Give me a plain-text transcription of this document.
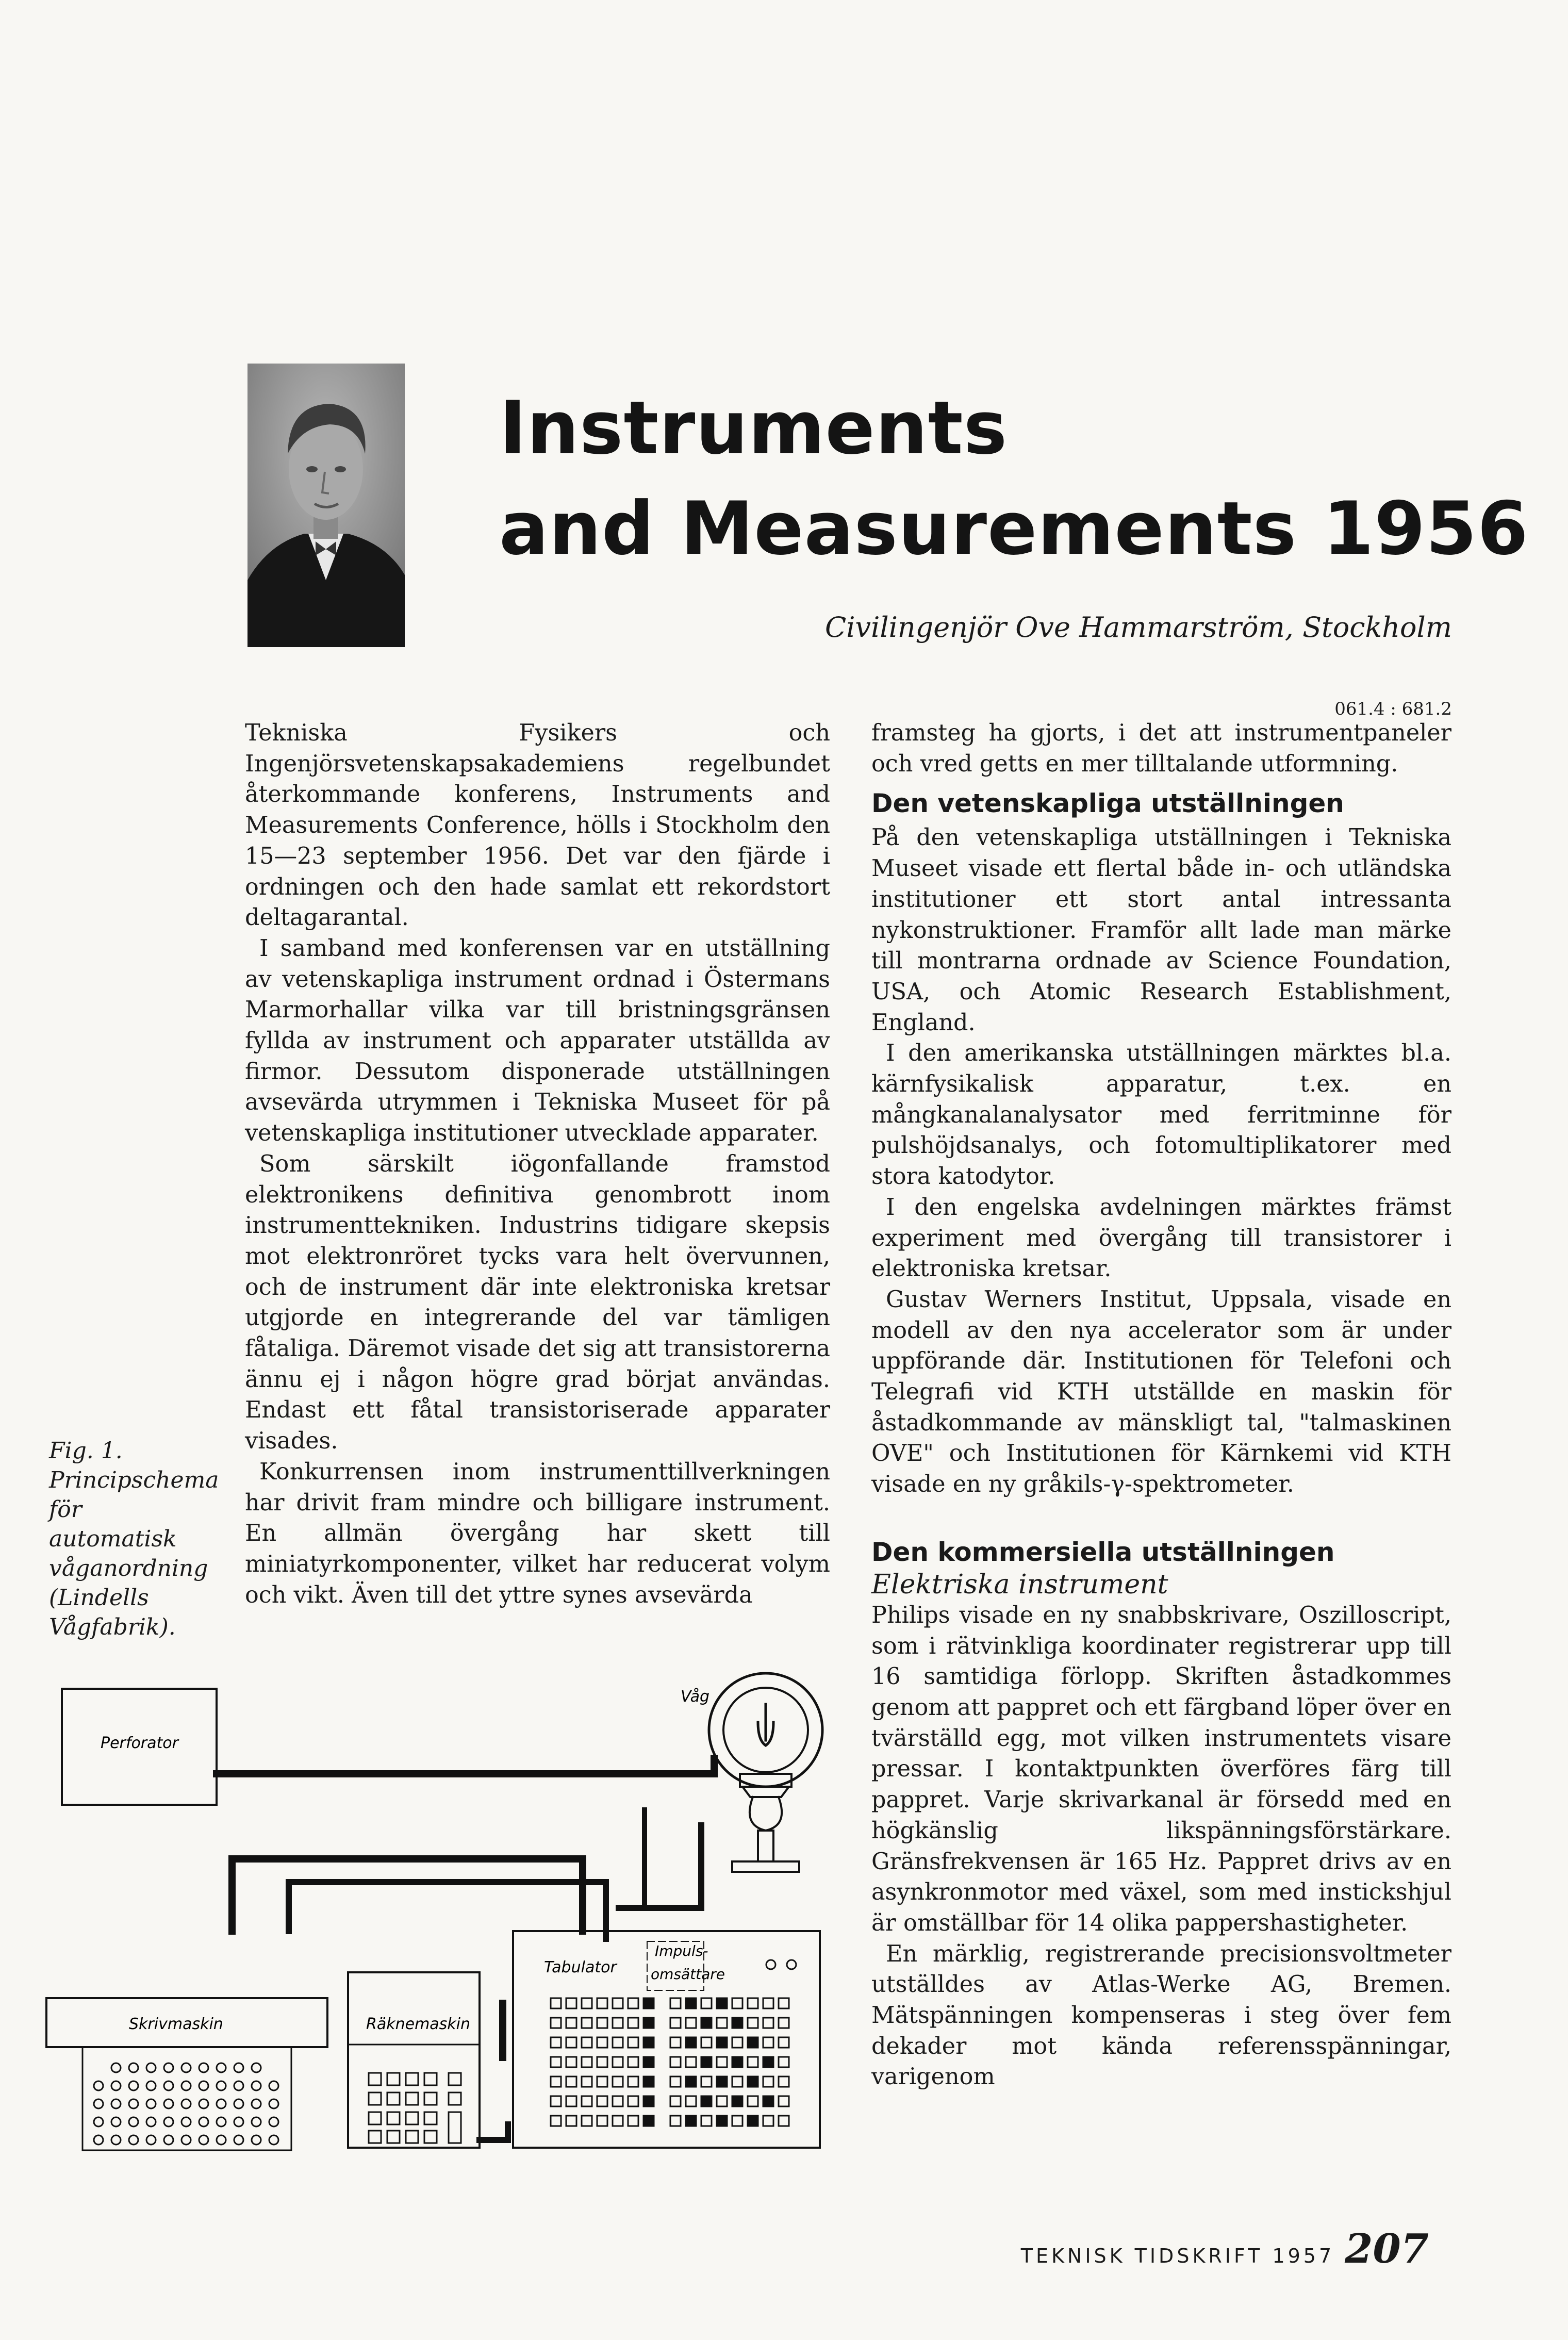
Instruments
and Measurements 1956
Civilingenjör Ove Hammarström, Stockholm
061.4 : 681.2

Tekniska Fysikers och Ingenjörsvetenskapsakademiens regelbundet återkommande konferens, Instruments and Measurements Conference, hölls i Stockholm den 15—23 september 1956. Det var den fjärde i ordningen och den hade samlat ett rekordstort deltagarantal.

I samband med konferensen var en utställning av vetenskapliga instrument ordnad i Östermans Marmorhallar vilka var till bristningsgränsen fyllda av instrument och apparater utställda av firmor. Dessutom disponerade utställningen avsevärda utrymmen i Tekniska Museet för på vetenskapliga institutioner utvecklade apparater.

Som särskilt iögonfallande framstod elektronikens definitiva genombrott inom instrumenttekniken. Industrins tidigare skepsis mot elektronröret tycks vara helt övervunnen, och de instrument där inte elektroniska kretsar utgjorde en integrerande del var tämligen fåtaliga. Däremot visade det sig att transistorerna ännu ej i någon högre grad börjat användas. Endast ett fåtal transistoriserade apparater visades.

Konkurrensen inom instrumenttillverkningen har drivit fram mindre och billigare instrument. En allmän övergång har skett till miniatyrkomponenter, vilket har reducerat volym och vikt. Även till det yttre synes avsevärda

framsteg ha gjorts, i det att instrumentpaneler och vred getts en mer tilltalande utformning.

Den vetenskapliga utställningen

På den vetenskapliga utställningen i Tekniska Museet visade ett flertal både in- och utländska institutioner ett stort antal intressanta nykonstruktioner. Framför allt lade man märke till montrarna ordnade av Science Foundation, USA, och Atomic Research Establishment, England.

I den amerikanska utställningen märktes bl.a. kärnfysikalisk apparatur, t.ex. en mångkanalanalysator med ferritminne för pulshöjdsanalys, och fotomultiplikatorer med stora katodytor.

I den engelska avdelningen märktes främst experiment med övergång till transistorer i elektroniska kretsar.

Gustav Werners Institut, Uppsala, visade en modell av den nya accelerator som är under uppförande där. Institutionen för Telefoni och Telegrafi vid KTH utställde en maskin för åstadkommande av mänskligt tal, "talmaskinen OVE" och Institutionen för Kärnkemi vid KTH visade en ny gråkils-γ-spektrometer.

Den kommersiella utställningen
Elektriska instrument

Philips visade en ny snabbskrivare, Oszilloscript, som i rätvinkliga koordinater registrerar upp till 16 samtidiga förlopp. Skriften åstadkommes genom att pappret och ett färgband löper över en tvärställd egg, mot vilken instrumentets visare pressar. I kontaktpunkten överföres färg till pappret. Varje skrivarkanal är försedd med en högkänslig likspänningsförstärkare. Gränsfrekvensen är 165 Hz. Pappret drivs av en asynkronmotor med växel, som med instickshjul är omställbar för 14 olika pappershastigheter.

En märklig, registrerande precisionsvoltmeter utställdes av Atlas-Werke AG, Bremen. Mätspänningen kompenseras i steg över fem dekader mot kända referensspänningar, varigenom

Fig. 1. Principschema för automatisk våganordning (Lindells Vågfabrik).
Perforator
Våg
Tabulator
Impuls-
omsättare
Skrivmaskin	Räknemaskin
TEKNISK TIDSKRIFT 1957 207
